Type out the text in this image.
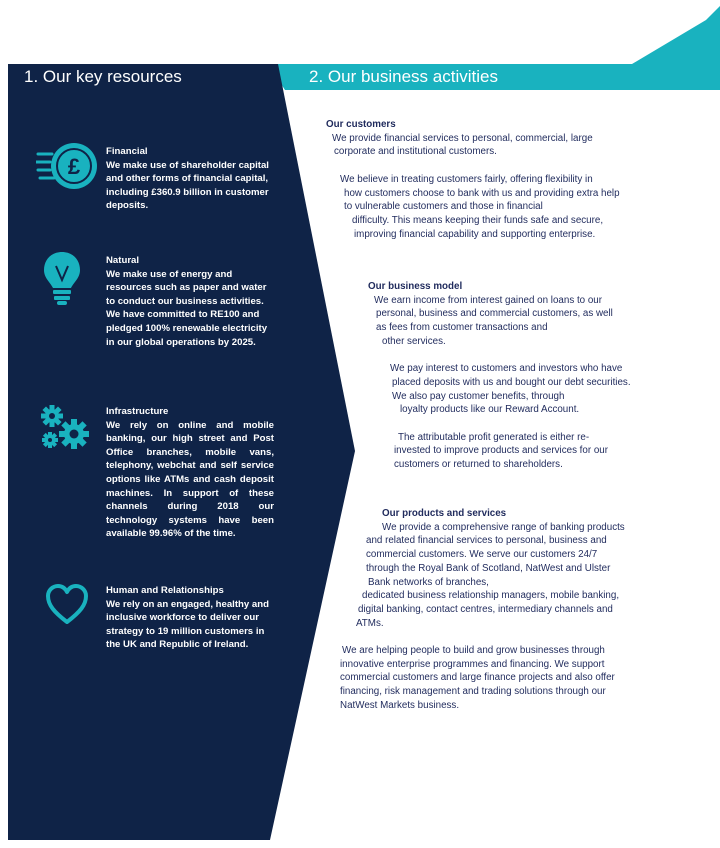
1. Our key resources	2. Our business activities
£
Financial
We make use of shareholder capital and other forms of financial capital, including £360.9 billion in customer deposits.
Natural
We make use of energy and resources such as paper and water to conduct our business activities. We have committed to RE100 and pledged 100% renewable electricity in our global operations by 2025.
Infrastructure
We rely on online and mobile banking, our high street and Post Office branches, mobile vans, telephony, webchat and self service options like ATMs and cash deposit machines. In support of these channels during 2018 our technology systems have been available 99.96% of the time.
Human and Relationships
We rely on an engaged, healthy and inclusive workforce to deliver our strategy to 19 million customers in the UK and Republic of Ireland.
Our customers

We provide financial services to personal, commercial, large

corporate and institutional customers.

We believe in treating customers fairly, offering flexibility in

how customers choose to bank with us and providing extra help

to vulnerable customers and those in financial

difficulty. This means keeping their funds safe and secure,

improving financial capability and supporting enterprise.

Our business model

We earn income from interest gained on loans to our

personal, business and commercial customers, as well

as fees from customer transactions and

other services.

We pay interest to customers and investors who have

placed deposits with us and bought our debt securities.

We also pay customer benefits, through

loyalty products like our Reward Account.

The attributable profit generated is either re-

invested to improve products and services for our

customers or returned to shareholders.

Our products and services

We provide a comprehensive range of banking products

and related financial services to personal, business and

commercial customers. We serve our customers 24/7

through the Royal Bank of Scotland, NatWest and Ulster

Bank networks of branches,

dedicated business relationship managers, mobile banking,

digital banking, contact centres, intermediary channels and

ATMs.

We are helping people to build and grow businesses through

innovative enterprise programmes and financing. We support

commercial customers and large finance projects and also offer

financing, risk management and trading solutions through our

NatWest Markets business.
